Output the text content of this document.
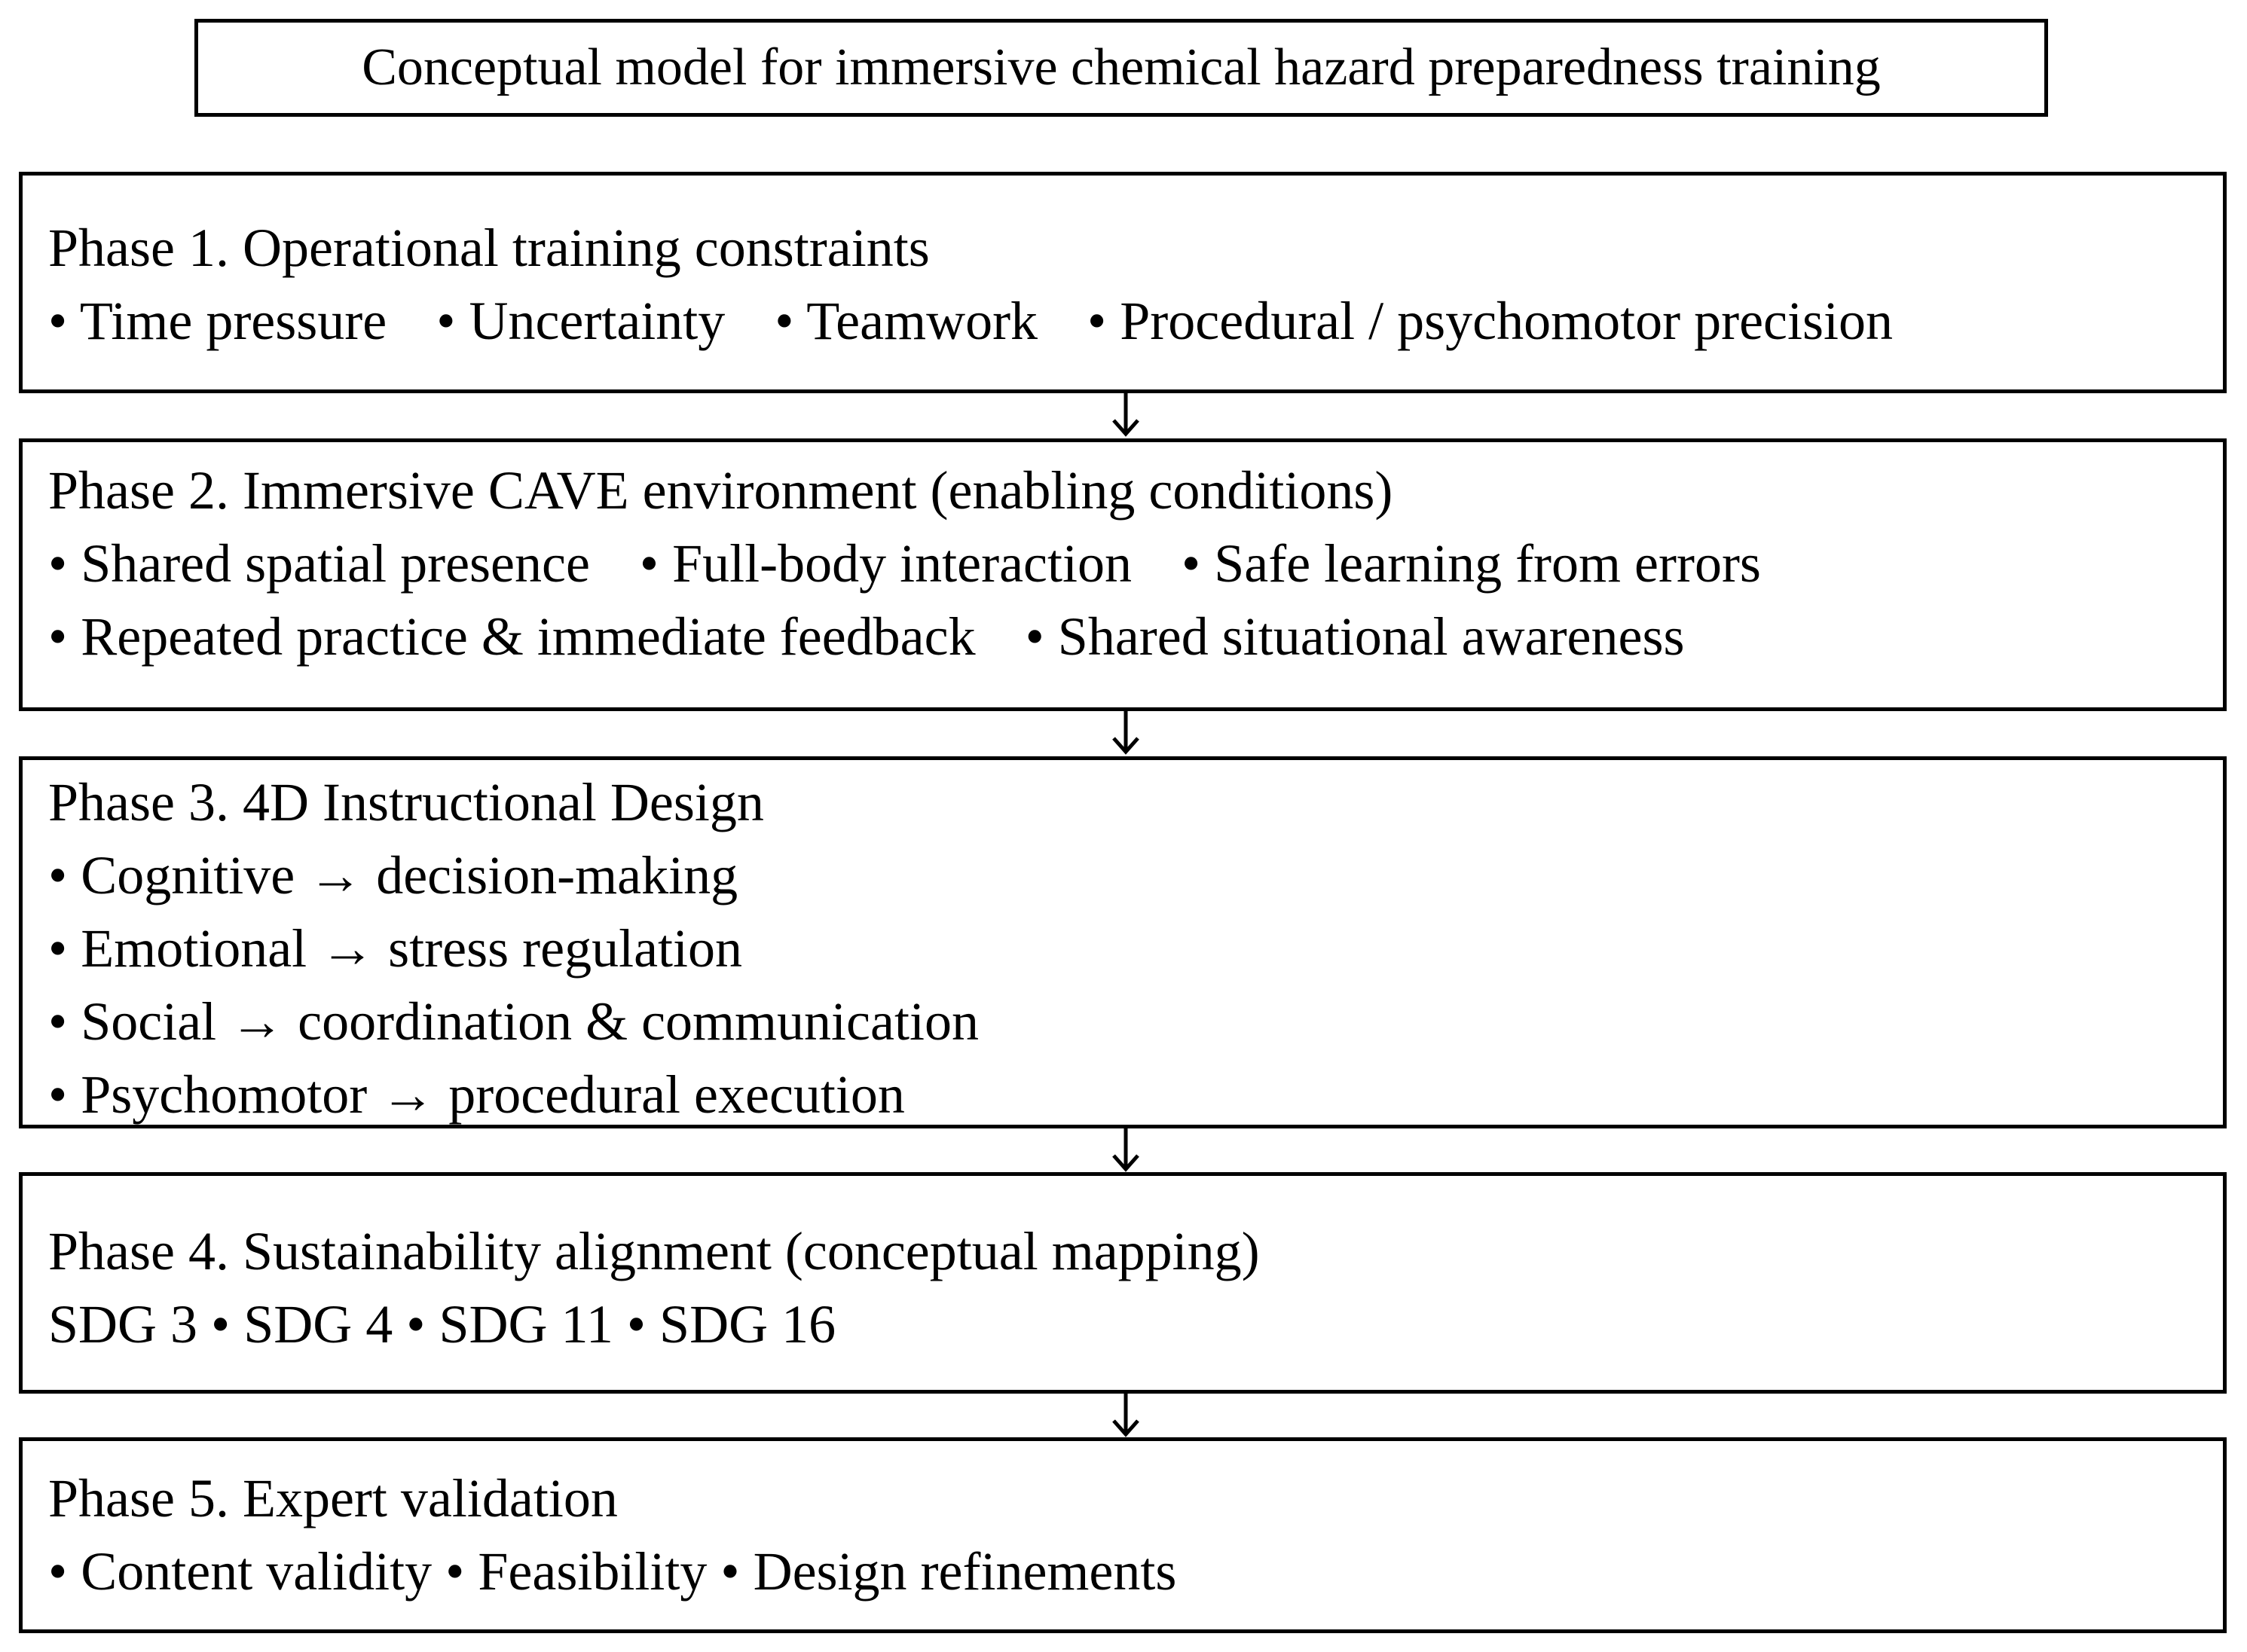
Conceptual model for immersive chemical hazard preparedness training
Phase 1. Operational training constraints
• Time pressure • Uncertainty • Teamwork • Procedural / psychomotor precision
Phase 2. Immersive CAVE environment (enabling conditions)
• Shared spatial presence • Full-body interaction • Safe learning from errors
• Repeated practice & immediate feedback • Shared situational awareness
Phase 3. 4D Instructional Design
• Cognitive → decision-making
• Emotional → stress regulation
• Social → coordination & communication
• Psychomotor → procedural execution
Phase 4. Sustainability alignment (conceptual mapping)
SDG 3 • SDG 4 • SDG 11 • SDG 16
Phase 5. Expert validation
• Content validity • Feasibility • Design refinements
